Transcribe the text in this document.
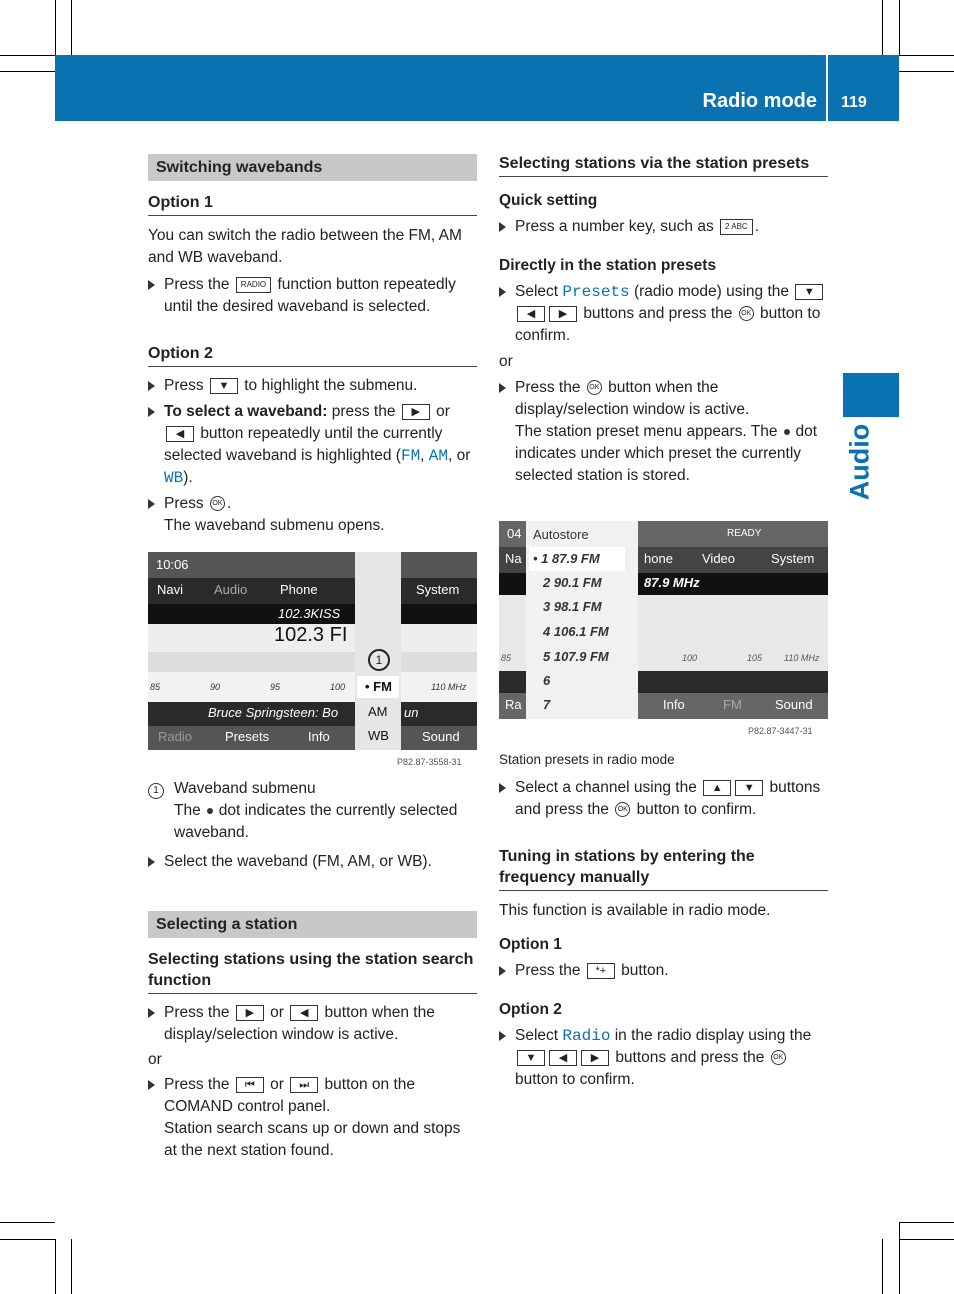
Radio mode 119
Audio
Switching wavebands
Option 1

You can switch the radio between the FM, AM and WB waveband.

Press the RADIO function button repeatedly until the desired waveband is selected.
Option 2
Press ▼ to highlight the submenu.
To select a waveband: press the ▶ or ◀ button repeatedly until the currently selected waveband is highlighted (FM, AM, or WB).
Press OK .
The waveband submenu opens.
10:06
Navi Audio	Phone	System
102.3KISS
102.3 FI
85	90	95	100	110 MHz
Bruce Springsteen: Bo	un
Radio	Presets	Info	Sound
1
• FM
AM
WB
P82.87-3558-31
1 Waveband submenu
The dot indicates the currently selected waveband.
Select the waveband (FM, AM, or WB).
Selecting a station
Selecting stations using the station search function
Press the ▶ or ◀ button when the display/selection window is active.

or

Press the ⏮ or ⏭ button on the COMAND control panel.
Station search scans up or down and stops at the next station found.
Selecting stations via the station presets
Quick setting
Press a number key, such as 2 ABC .
Directly in the station presets
Select Presets (radio mode) using the ▼◀ ▶ buttons and press the OK button to confirm.

or

Press the OK button when the display/selection window is active.
The station preset menu appears. The dot indicates under which preset the currently selected station is stored.
04	READY
Na	hone Video	System
87.9 MHz
85	100	105 110 MHz
Ra	Info	FM	Sound
Autostore
• 1 87.9 FM
2 90.1 FM
3 98.1 FM
4 106.1 FM
5 107.9 FM
6
7
P82.87-3447-31
Station presets in radio mode
Select a channel using the ▲ ▼ buttons and press the OK button to confirm.
Tuning in stations by entering the frequency manually

This function is available in radio mode.

Option 1
Press the *+ button.
Option 2
Select Radio in the radio display using the ▼ ◀ ▶ buttons and press the OK button to confirm.
